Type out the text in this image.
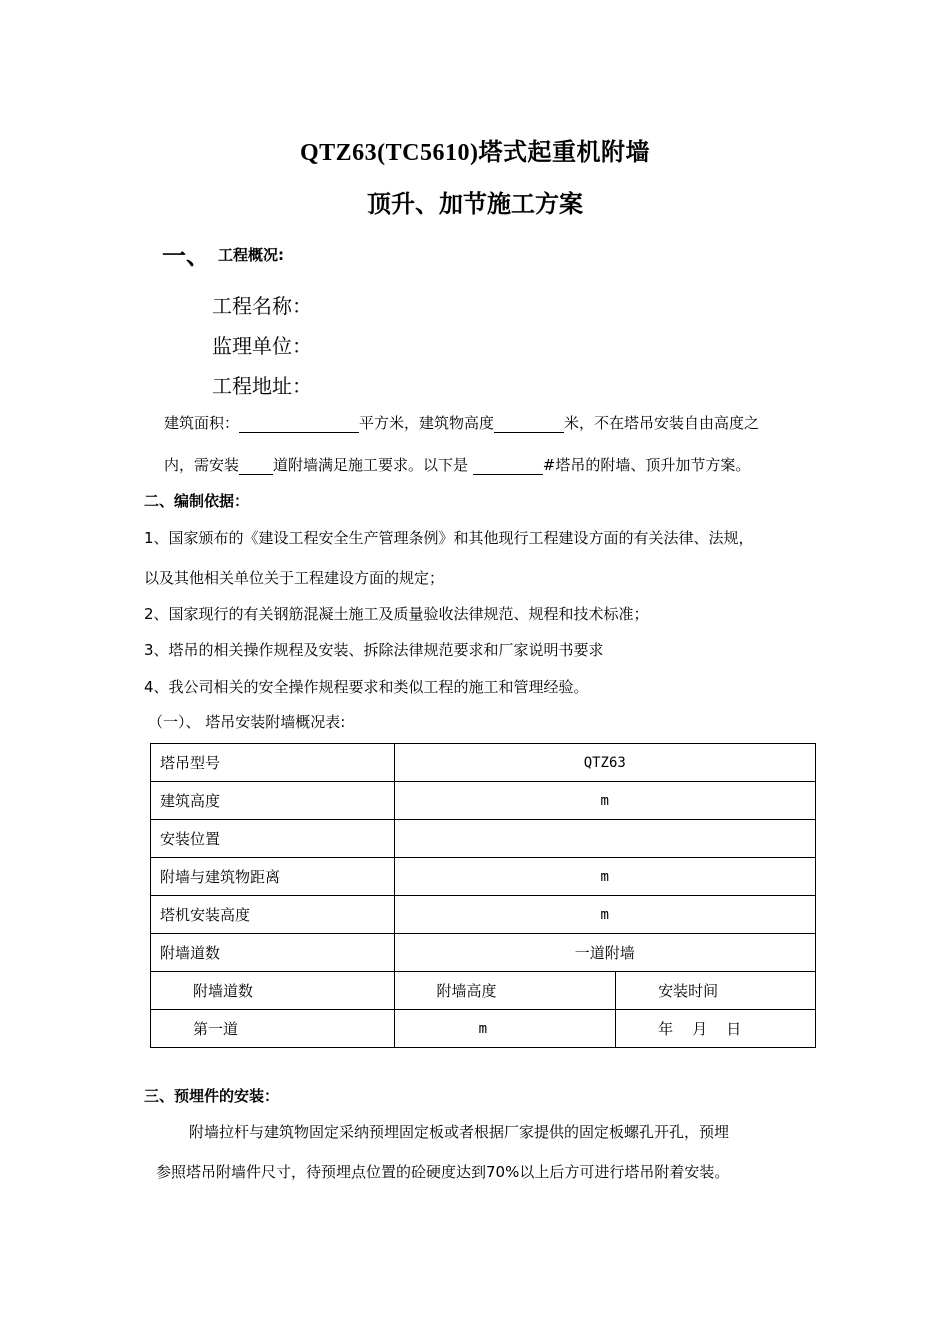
QTZ63(TC5610)塔式起重机附墙
顶升、加节施工方案
一、 工程概况:
工程名称：
监理单位：
工程地址：
建筑面积：	平方米，建筑物高度	米，不在塔吊安装自由高度之
内，需安装 道附墙满足施工要求。以下是	#塔吊的附墙、顶升加节方案。
二、编制依据：
1、国家颁布的《建设工程安全生产管理条例》和其他现行工程建设方面的有关法律、法规，
以及其他相关单位关于工程建设方面的规定；
2、国家现行的有关钢筋混凝土施工及质量验收法律规范、规程和技术标准；
3、塔吊的相关操作规程及安装、拆除法律规范要求和厂家说明书要求
4、我公司相关的安全操作规程要求和类似工程的施工和管理经验。
（一）、 塔吊安装附墙概况表:
塔吊型号	QTZ63	
建筑高度	m	
安装位置		
附墙与建筑物距离	m	
塔机安装高度	m	
附墙道数	一道附墙	
附墙道数	附墙高度	安装时间
第一道	m	年    月    日
三、预埋件的安装：
附墙拉杆与建筑物固定采纳预埋固定板或者根据厂家提供的固定板螺孔开孔，预埋
参照塔吊附墙件尺寸，待预埋点位置的砼硬度达到70%以上后方可进行塔吊附着安装。
